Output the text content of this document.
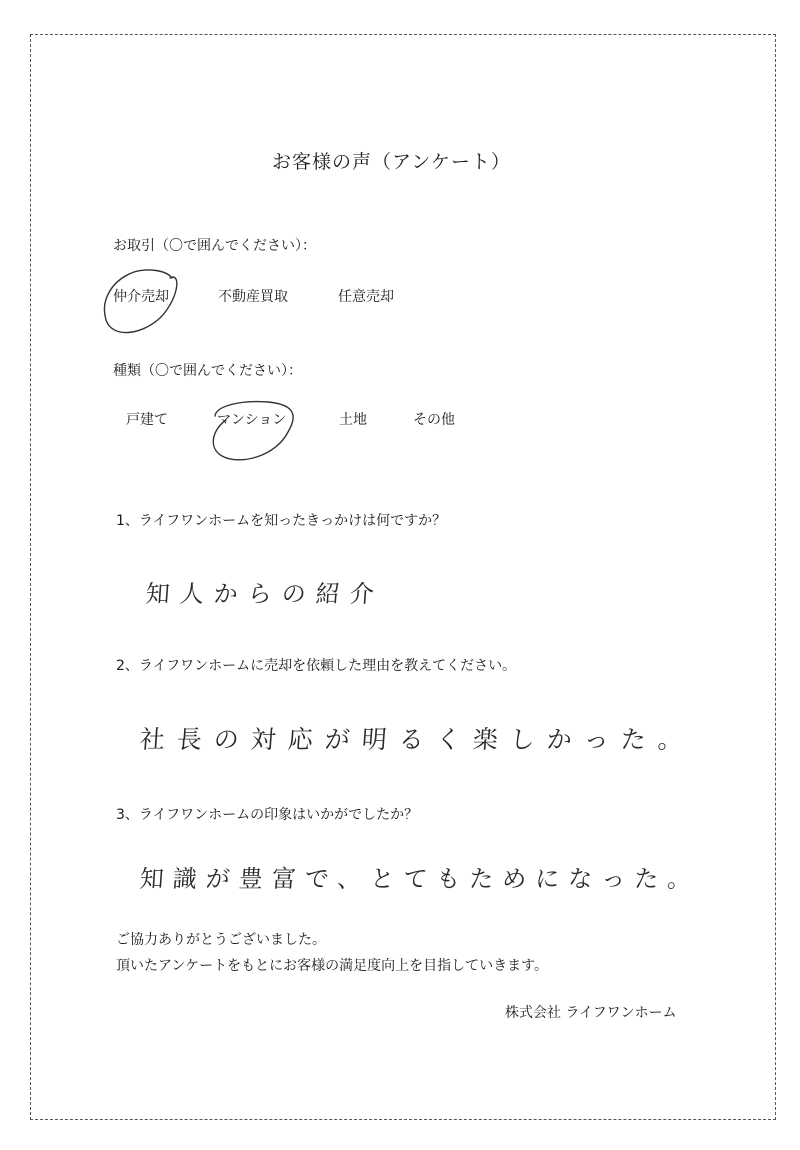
お客様の声（アンケート）
お取引（〇で囲んでください）：
仲介売却	不動産買取	任意売却
種類（〇で囲んでください）：
戸建て	マンション	土地	その他
1、ライフワンホームを知ったきっかけは何ですか？
知人からの紹介
2、ライフワンホームに売却を依頼した理由を教えてください。
社長の対応が明るく楽しかった。
3、ライフワンホームの印象はいかがでしたか？
知識が豊富で、とてもためになった。
ご協力ありがとうございました。
頂いたアンケートをもとにお客様の満足度向上を目指していきます。
株式会社 ライフワンホーム
